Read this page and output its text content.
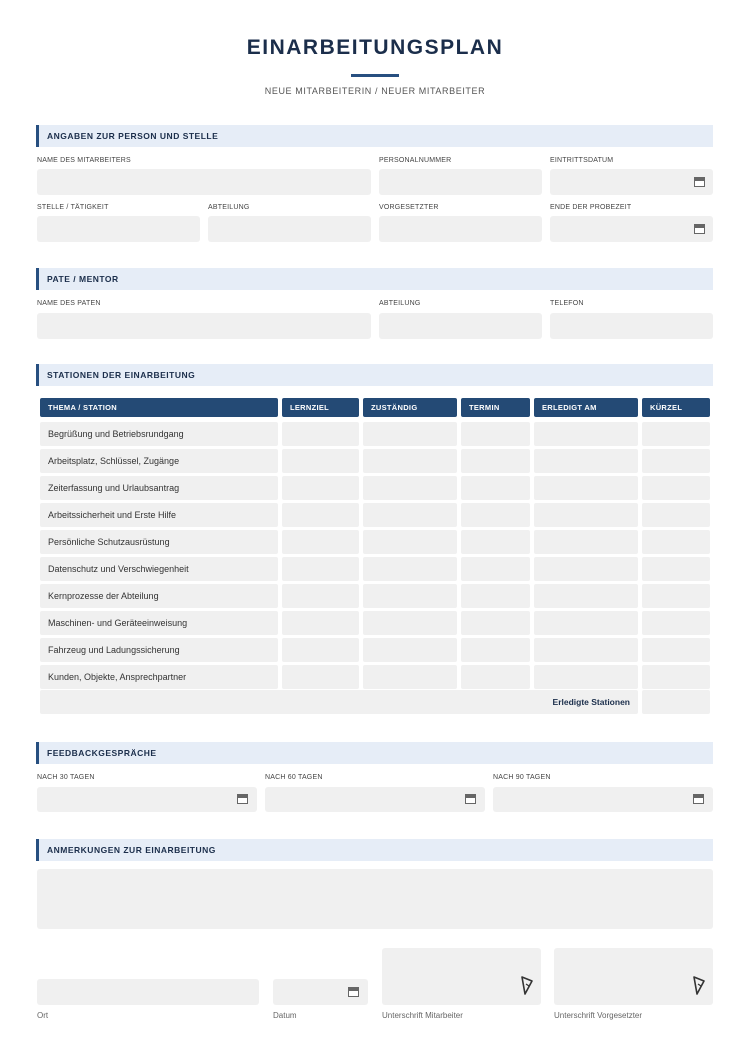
EINARBEITUNGSPLAN
NEUE MITARBEITERIN / NEUER MITARBEITER
ANGABEN ZUR PERSON UND STELLE
NAME DES MITARBEITERS	PERSONALNUMMER	EINTRITTSDATUM
STELLE / TÄTIGKEIT	ABTEILUNG	VORGESETZTER	ENDE DER PROBEZEIT
PATE / MENTOR
NAME DES PATEN	ABTEILUNG	TELEFON
STATIONEN DER EINARBEITUNG
THEMA / STATION	LERNZIEL	ZUSTÄNDIG	TERMIN	ERLEDIGT AM	KÜRZEL
Begrüßung und Betriebsrundgang
Arbeitsplatz, Schlüssel, Zugänge
Zeiterfassung und Urlaubsantrag
Arbeitssicherheit und Erste Hilfe
Persönliche Schutzausrüstung
Datenschutz und Verschwiegenheit
Kernprozesse der Abteilung
Maschinen- und Geräteeinweisung
Fahrzeug und Ladungssicherung
Kunden, Objekte, Ansprechpartner
Erledigte Stationen
FEEDBACKGESPRÄCHE
NACH 30 TAGEN	NACH 60 TAGEN	NACH 90 TAGEN
ANMERKUNGEN ZUR EINARBEITUNG
Ort	Datum	Unterschrift Mitarbeiter	Unterschrift Vorgesetzter
